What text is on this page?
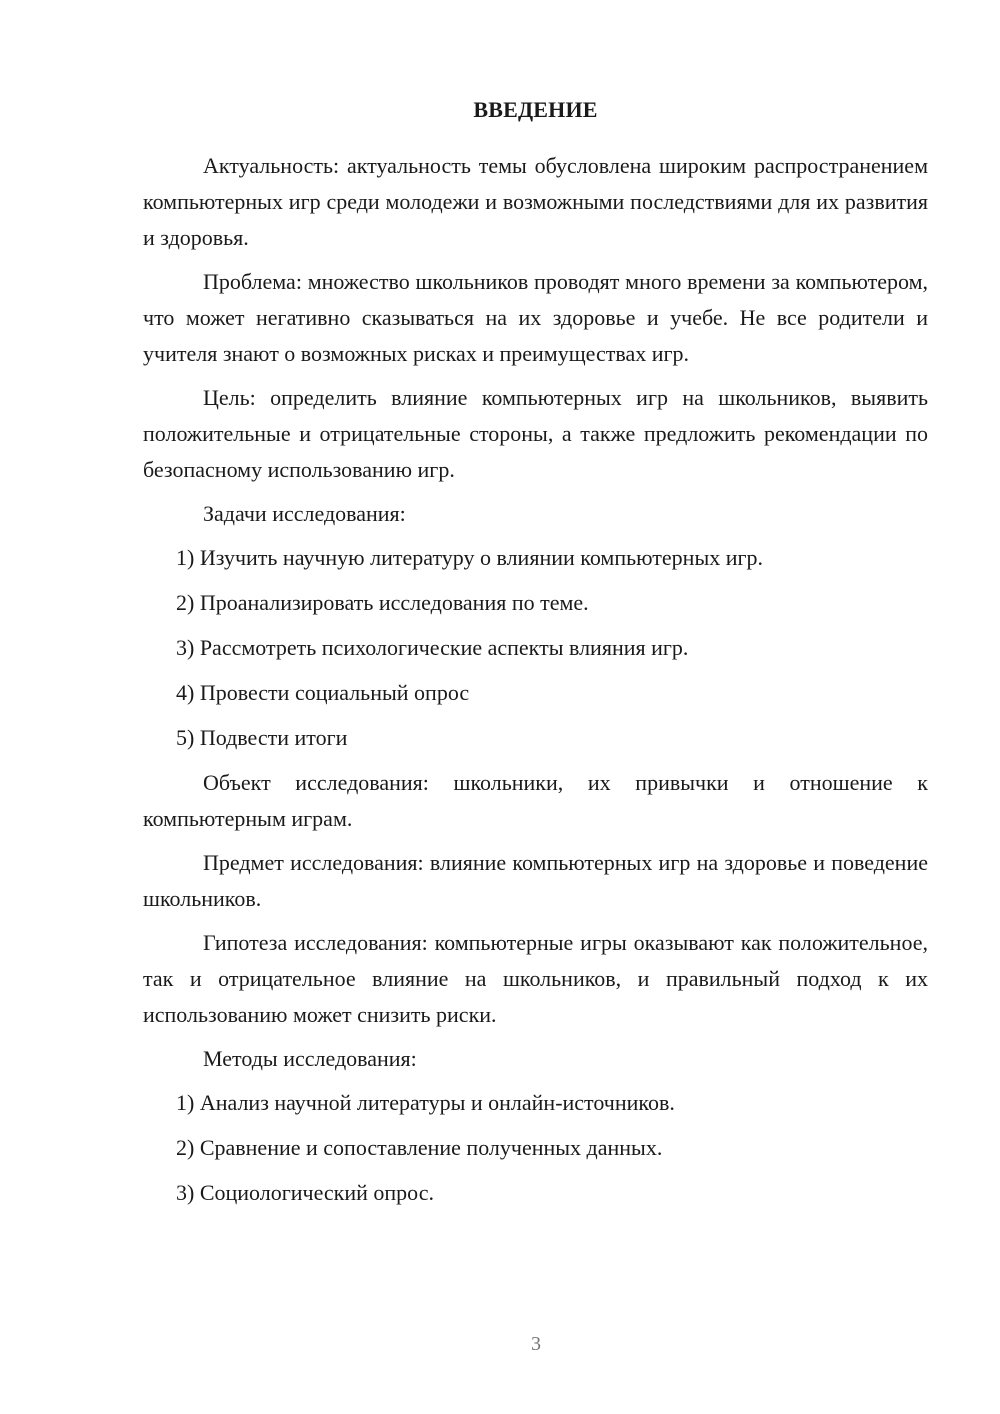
ВВЕДЕНИЕ

Актуальность: актуальность темы обусловлена широким распространением компьютерных игр среди молодежи и возможными последствиями для их развития и здоровья.

Проблема: множество школьников проводят много времени за компьютером, что может негативно сказываться на их здоровье и учебе. Не все родители и учителя знают о возможных рисках и преимуществах игр.

Цель: определить влияние компьютерных игр на школьников, выявить положительные и отрицательные стороны, а также предложить рекомендации по безопасному использованию игр.

Задачи исследования:

1) Изучить научную литературу о влиянии компьютерных игр.
2) Проанализировать исследования по теме.
3) Рассмотреть психологические аспекты влияния игр.
4) Провести социальный опрос
5) Подвести итоги

Объект исследования: школьники, их привычки и отношение к компьютерным играм.

Предмет исследования: влияние компьютерных игр на здоровье и поведение школьников.

Гипотеза исследования: компьютерные игры оказывают как положительное, так и отрицательное влияние на школьников, и правильный подход к их использованию может снизить риски.

Методы исследования:

1) Анализ научной литературы и онлайн-источников.
2) Сравнение и сопоставление полученных данных.
3) Социологический опрос.
3
